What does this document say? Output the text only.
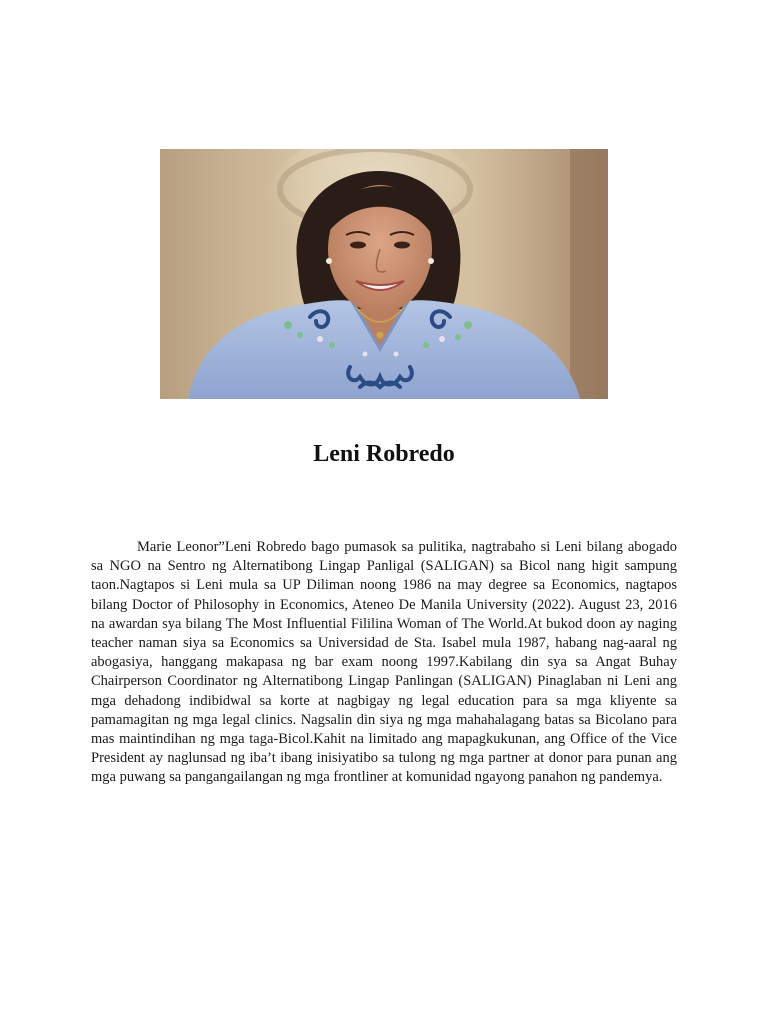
Leni Robredo

Marie Leonor”Leni Robredo bago pumasok sa pulitika, nagtrabaho si Leni bilang abogado sa NGO na Sentro ng Alternatibong Lingap Panligal (SALIGAN) sa Bicol nang higit sampung taon.Nagtapos si Leni mula sa UP Diliman noong 1986 na may degree sa Economics, nagtapos bilang Doctor of Philosophy in Economics, Ateneo De Manila University (2022). August 23, 2016 na awardan sya bilang The Most Influential Fililina Woman of The World.At bukod doon ay naging teacher naman siya sa Economics sa Universidad de Sta. Isabel mula 1987, habang nag-aaral ng abogasiya, hanggang makapasa ng bar exam noong 1997.Kabilang din sya sa Angat Buhay Chairperson Coordinator ng Alternatibong Lingap Panlingan (SALIGAN) Pinaglaban ni Leni ang mga dehadong indibidwal sa korte at nagbigay ng legal education para sa mga kliyente sa pamamagitan ng mga legal clinics. Nagsalin din siya ng mga mahahalagang batas sa Bicolano para mas maintindihan ng mga taga-Bicol.Kahit na limitado ang mapagkukunan, ang Office of the Vice President ay naglunsad ng iba’t ibang inisiyatibo sa tulong ng mga partner at donor para punan ang mga puwang sa pangangailangan ng mga frontliner at komunidad ngayong panahon ng pandemya.
